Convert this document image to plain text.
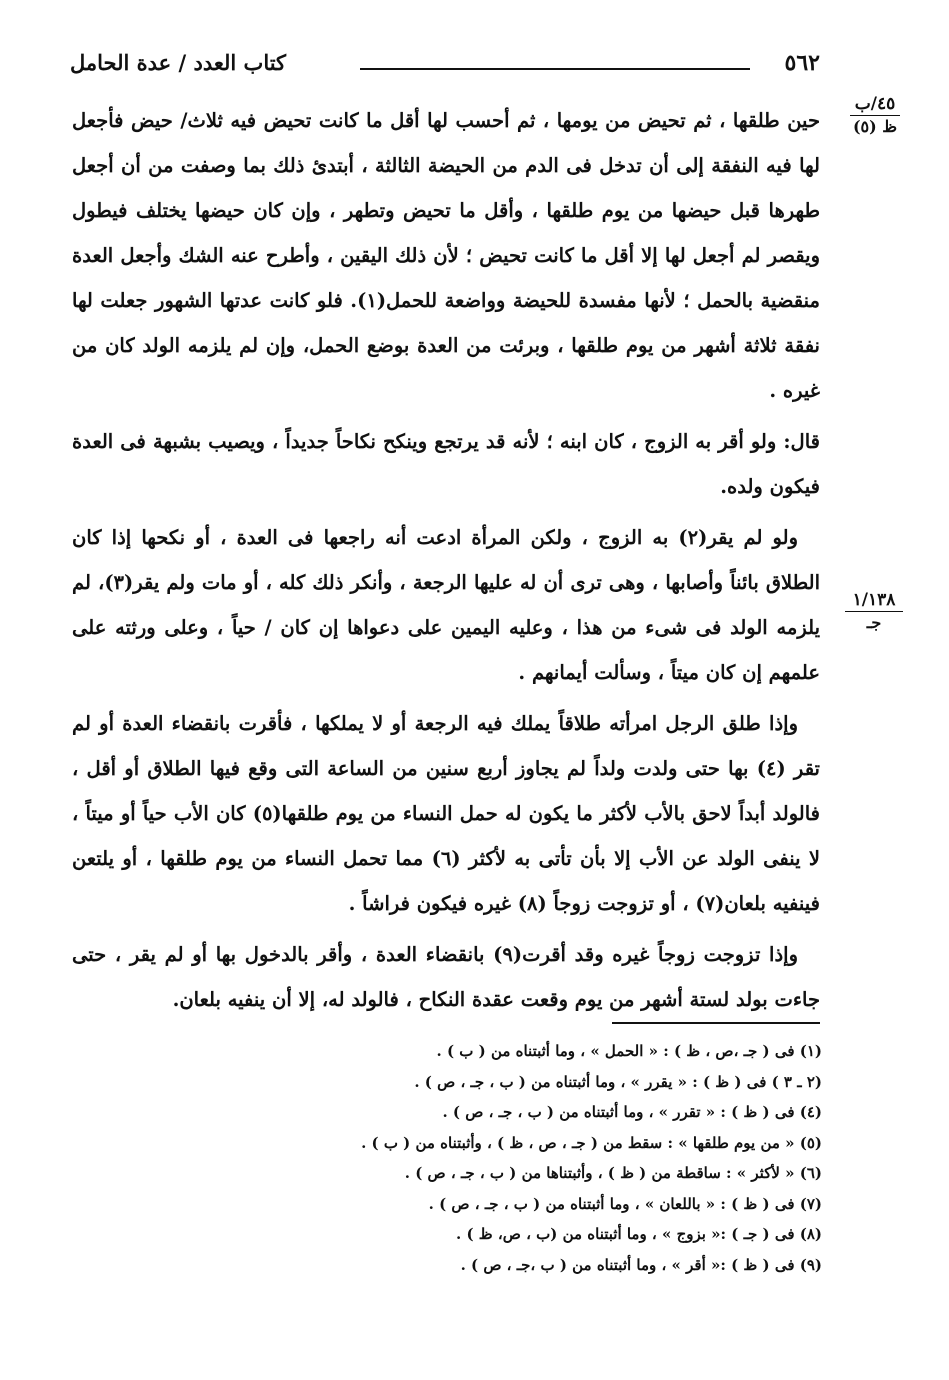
٥٦٢
كتاب العدد / عدة الحامل
٤٥/ب
ظ (٥)
١/١٣٨
جـ

حين طلقها ، ثم تحيض من يومها ، ثم أحسب لها أقل ما كانت تحيض فيه ثلاث/ حيض فأجعل لها فيه النفقة إلى أن تدخل فى الدم من الحيضة الثالثة ، أبتدئ ذلك بما وصفت من أن أجعل طهرها قبل حيضها من يوم طلقها ، وأقل ما تحيض وتطهر ، وإن كان حيضها يختلف فيطول ويقصر لم أجعل لها إلا أقل ما كانت تحيض ؛ لأن ذلك اليقين ، وأطرح عنه الشك وأجعل العدة منقضية بالحمل ؛ لأنها مفسدة للحيضة وواضعة للحمل(١). فلو كانت عدتها الشهور جعلت لها نفقة ثلاثة أشهر من يوم طلقها ، وبرئت من العدة بوضع الحمل، وإن لم يلزمه الولد كان من غيره .

قال: ولو أقر به الزوج ، كان ابنه ؛ لأنه قد يرتجع وينكح نكاحاً جديداً ، ويصيب بشبهة فى العدة فيكون ولده.

ولو لم يقر(٢) به الزوج ، ولكن المرأة ادعت أنه راجعها فى العدة ، أو نكحها إذا كان الطلاق بائناً وأصابها ، وهى ترى أن له عليها الرجعة ، وأنكر ذلك كله ، أو مات ولم يقر(٣)، لم يلزمه الولد فى شىء من هذا ، وعليه اليمين على دعواها إن كان / حياً ، وعلى ورثته على علمهم إن كان ميتاً ، وسألت أيمانهم .

وإذا طلق الرجل امرأته طلاقاً يملك فيه الرجعة أو لا يملكها ، فأقرت بانقضاء العدة أو لم تقر (٤) بها حتى ولدت ولداً لم يجاوز أربع سنين من الساعة التى وقع فيها الطلاق أو أقل ، فالولد أبداً لاحق بالأب لأكثر ما يكون له حمل النساء من يوم طلقها(٥) كان الأب حياً أو ميتاً ، لا ينفى الولد عن الأب إلا بأن تأتى به لأكثر (٦) مما تحمل النساء من يوم طلقها ، أو يلتعن فينفيه بلعان(٧) ، أو تزوجت زوجاً (٨) غيره فيكون فراشاً .

وإذا تزوجت زوجاً غيره وقد أقرت(٩) بانقضاء العدة ، وأقر بالدخول بها أو لم يقر ، حتى جاءت بولد لستة أشهر من يوم وقعت عقدة النكاح ، فالولد له، إلا أن ينفيه بلعان.

(١) فى ( جـ ،ص ، ظ ) : « الحمل » ، وما أثبتناه من ( ب ) .
(٢ ـ ٣ ) فى ( ظ ) : « يقرر » ، وما أثبتناه من ( ب ، جـ ، ص ) .
(٤) فى ( ظ ) : « تقرر » ، وما أثبتناه من ( ب ، جـ ، ص ) .
(٥) « من يوم طلقها » : سقط من ( جـ ، ص ، ظ ) ، وأثبتناه من ( ب ) .
(٦) « لأكثر » : ساقطة من ( ظ ) ، وأثبتناها من ( ب ، جـ ، ص ) .
(٧) فى ( ظ ) : « باللعان » ، وما أثبتناه من ( ب ، جـ ، ص ) .
(٨) فى ( جـ ) :« بزوج » ، وما أثبتناه من (ب ، ص، ظ ) .
(٩) فى ( ظ ) :« أقر » ، وما أثبتناه من ( ب ،جـ ، ص ) .
